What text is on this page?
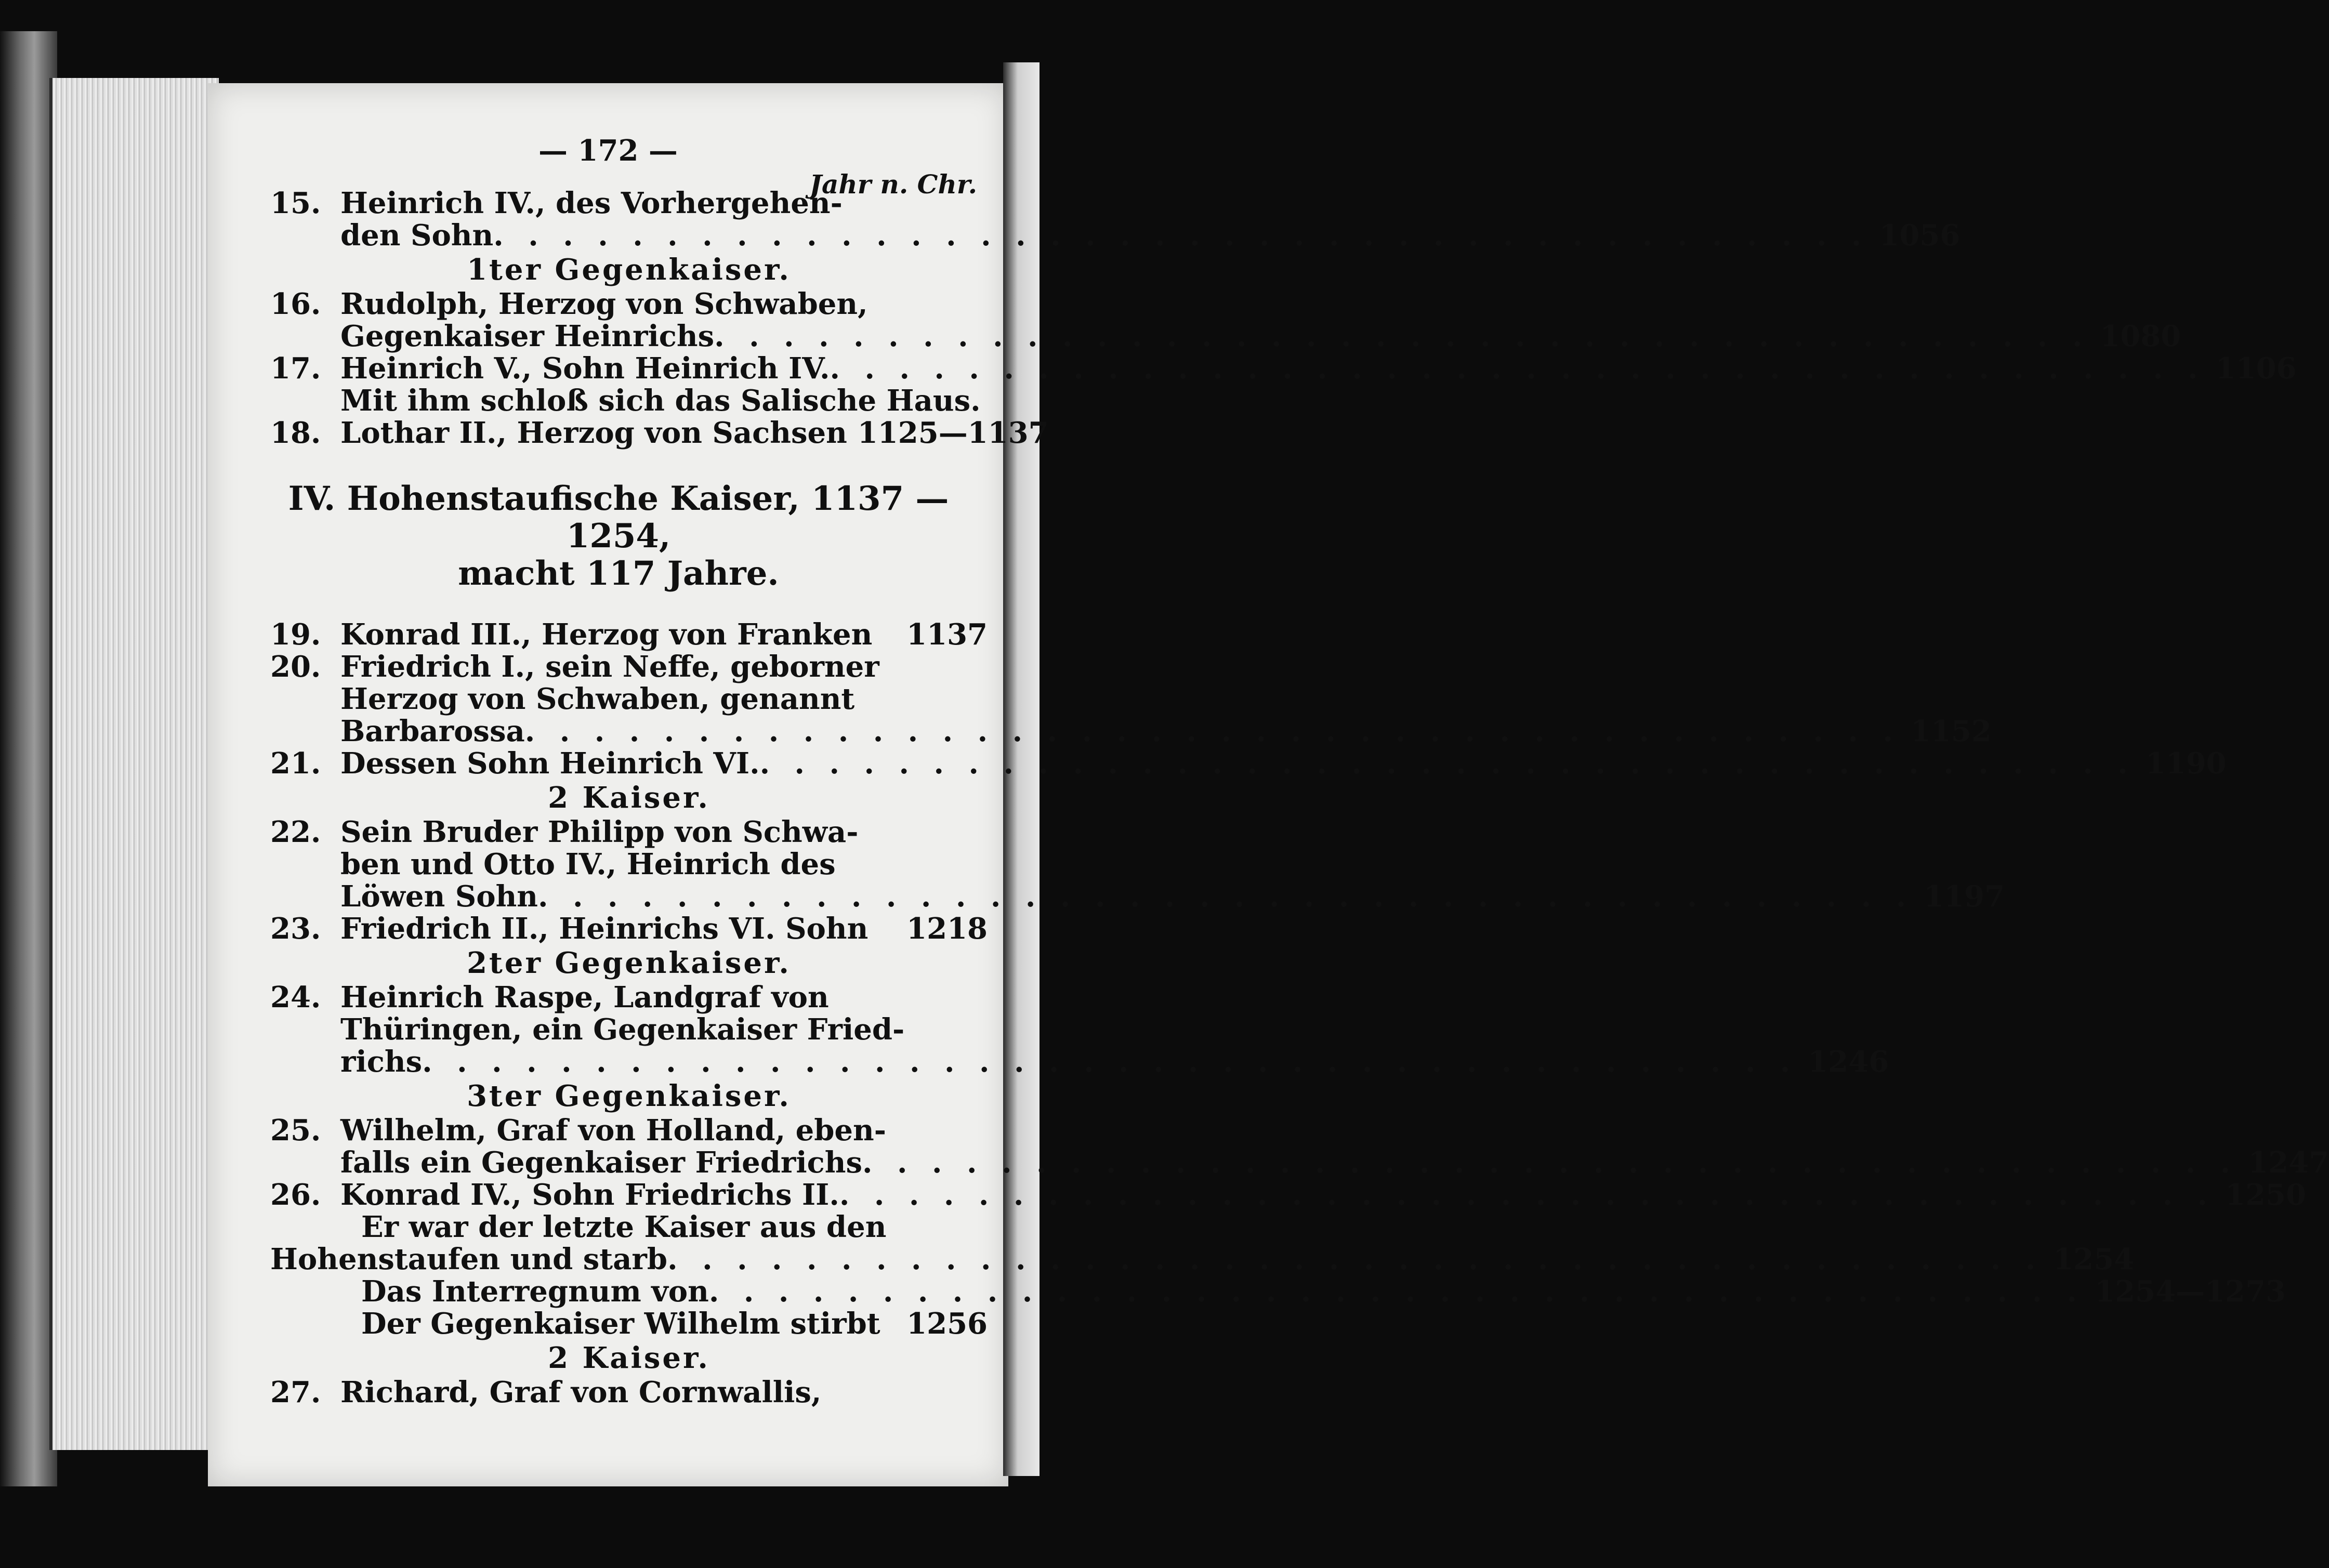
— 172 —
Jahr n. Chr.
15. Heinrich IV., des Vorhergehen-
den Sohn . . .	1056
1ter Gegenkaiser.
16. Rudolph, Herzog von Schwaben,
Gegenkaiser Heinrichs . . .	1080
17. Heinrich V., Sohn Heinrich IV. . . .	1106
Mit ihm schloß sich das Salische Haus.
18. Lothar II., Herzog von Sachsen 1125—1137
IV. Hohenstaufische Kaiser, 1137 — 1254,
macht 117 Jahre.
19. Konrad III., Herzog von Franken	1137
20. Friedrich I., sein Neffe, geborner
Herzog von Schwaben, genannt
Barbarossa . . .	1152
21. Dessen Sohn Heinrich VI. . . .	1190
2 Kaiser.
22. Sein Bruder Philipp von Schwa-
ben und Otto IV., Heinrich des
Löwen Sohn . . .	1197
23. Friedrich II., Heinrichs VI. Sohn	1218
2ter Gegenkaiser.
24. Heinrich Raspe, Landgraf von
Thüringen, ein Gegenkaiser Fried-
richs . . .	1246
3ter Gegenkaiser.
25. Wilhelm, Graf von Holland, eben-
falls ein Gegenkaiser Friedrichs . . .	1247
26. Konrad IV., Sohn Friedrichs II. . . .	1250
Er war der letzte Kaiser aus den
Hohenstaufen und starb . . .	1254
Das Interregnum von . . .	1254—1273
Der Gegenkaiser Wilhelm stirbt 1256
2 Kaiser.
27. Richard, Graf von Cornwallis,
